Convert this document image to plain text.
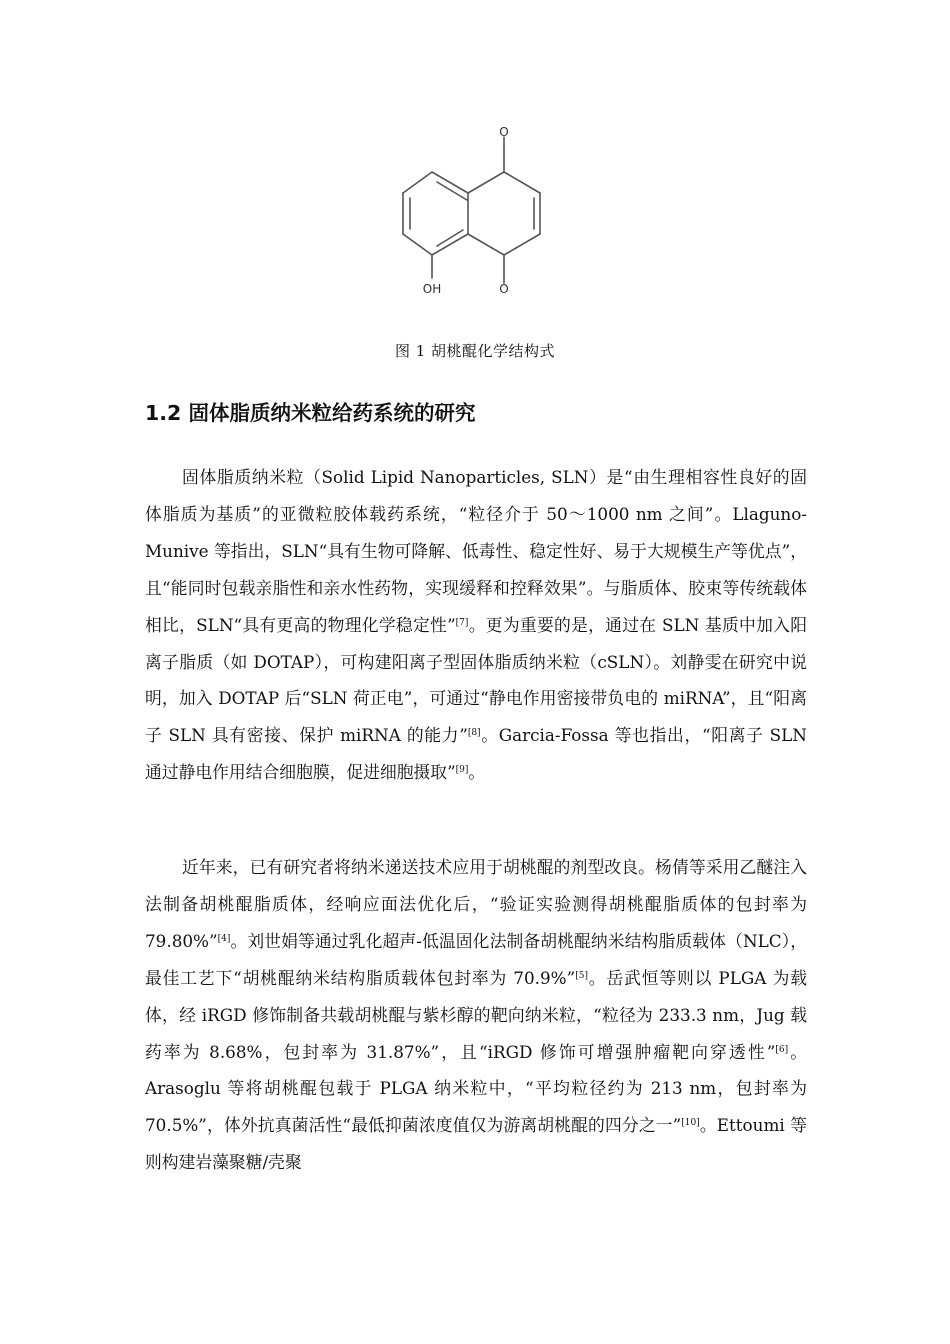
O
OH	O
图 1 胡桃醌化学结构式
1.2 固体脂质纳米粒给药系统的研究

固体脂质纳米粒（Solid Lipid Nanoparticles, SLN）是“由生理相容性良好的固体脂质为基质”的亚微粒胶体载药系统，“粒径介于 50～1000 nm 之间”。Llaguno-Munive 等指出，SLN“具有生物可降解、低毒性、稳定性好、易于大规模生产等优点”，且“能同时包载亲脂性和亲水性药物，实现缓释和控释效果”。与脂质体、胶束等传统载体相比，SLN“具有更高的物理化学稳定性”[7]。更为重要的是，通过在 SLN 基质中加入阳离子脂质（如 DOTAP），可构建阳离子型固体脂质纳米粒（cSLN）。刘静雯在研究中说明，加入 DOTAP 后“SLN 荷正电”，可通过“静电作用密接带负电的 miRNA”，且“阳离子 SLN 具有密接、保护 miRNA 的能力”[8]。Garcia-Fossa 等也指出，“阳离子 SLN 通过静电作用结合细胞膜，促进细胞摄取”[9]。

近年来，已有研究者将纳米递送技术应用于胡桃醌的剂型改良。杨倩等采用乙醚注入法制备胡桃醌脂质体，经响应面法优化后，“验证实验测得胡桃醌脂质体的包封率为 79.80%”[4]。刘世娟等通过乳化超声-低温固化法制备胡桃醌纳米结构脂质载体（NLC），最佳工艺下“胡桃醌纳米结构脂质载体包封率为 70.9%”[5]。岳武恒等则以 PLGA 为载体，经 iRGD 修饰制备共载胡桃醌与紫杉醇的靶向纳米粒，“粒径为 233.3 nm，Jug 载药率为 8.68%，包封率为 31.87%”，且“iRGD 修饰可增强肿瘤靶向穿透性”[6]。Arasoglu 等将胡桃醌包载于 PLGA 纳米粒中，“平均粒径约为 213 nm，包封率为 70.5%”，体外抗真菌活性“最低抑菌浓度值仅为游离胡桃醌的四分之一”[10]。Ettoumi 等则构建岩藻聚糖/壳聚
